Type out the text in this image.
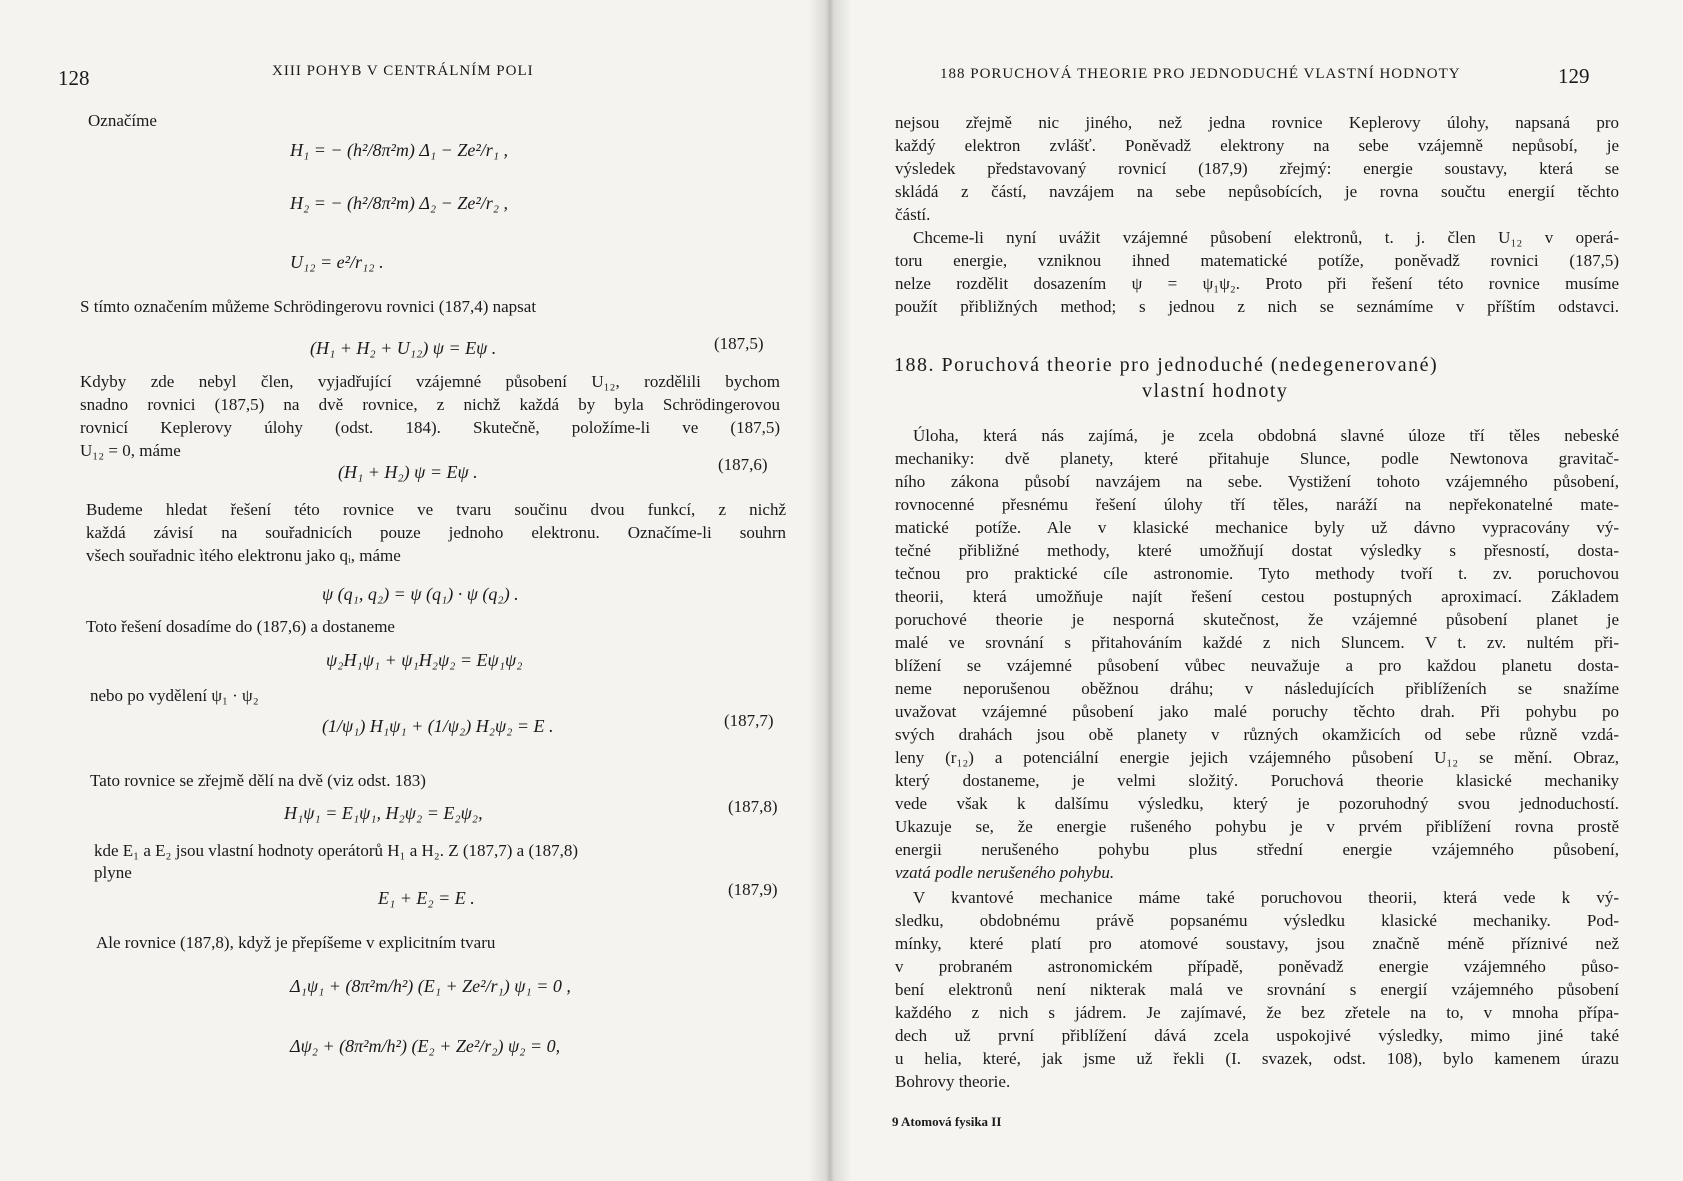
128	XIII POHYB V CENTRÁLNÍM POLI
Označíme
H₁ = − (h²/8π²m) Δ₁ − Ze²/r₁ ,
H₂ = − (h²/8π²m) Δ₂ − Ze²/r₂ ,
U₁₂ = e²/r₁₂ .
S tímto označením můžeme Schrödingerovu rovnici (187,4) napsat
(H₁ + H₂ + U₁₂) ψ = Eψ .	(187,5)
Kdyby zde nebyl člen, vyjadřující vzájemné působení U₁₂, rozdělili bychom
snadno rovnici (187,5) na dvě rovnice, z nichž každá by byla Schrödingerovou
rovnicí Keplerovy úlohy (odst. 184). Skutečně, položíme-li ve (187,5)
U₁₂ = 0, máme
(H₁ + H₂) ψ = Eψ .	(187,6)
Budeme hledat řešení této rovnice ve tvaru součinu dvou funkcí, z nichž
každá závisí na souřadnicích pouze jednoho elektronu. Označíme-li souhrn
všech souřadnic ìtého elektronu jako qᵢ, máme
ψ (q₁, q₂) = ψ (q₁) · ψ (q₂) .
Toto řešení dosadíme do (187,6) a dostaneme
ψ₂H₁ψ₁ + ψ₁H₂ψ₂ = Eψ₁ψ₂
nebo po vydělení ψ₁ · ψ₂
(1/ψ₁) H₁ψ₁ + (1/ψ₂) H₂ψ₂ = E .	(187,7)
Tato rovnice se zřejmě dělí na dvě (viz odst. 183)
H₁ψ₁ = E₁ψ₁, H₂ψ₂ = E₂ψ₂,	(187,8)
kde E₁ a E₂ jsou vlastní hodnoty operátorů H₁ a H₂. Z (187,7) a (187,8)
plyne
E₁ + E₂ = E .	(187,9)
Ale rovnice (187,8), když je přepíšeme v explicitním tvaru
Δ₁ψ₁ + (8π²m/h²) (E₁ + Ze²/r₁) ψ₁ = 0 ,
Δψ₂ + (8π²m/h²) (E₂ + Ze²/r₂) ψ₂ = 0,
188 PORUCHOVÁ THEORIE PRO JEDNODUCHÉ VLASTNÍ HODNOTY	129
nejsou zřejmě nic jiného, než jedna rovnice Keplerovy úlohy, napsaná pro
každý elektron zvlášť. Poněvadž elektrony na sebe vzájemně nepůsobí, je
výsledek představovaný rovnicí (187,9) zřejmý: energie soustavy, která se
skládá z částí, navzájem na sebe nepůsobících, je rovna součtu energií těchto
částí.
Chceme-li nyní uvážit vzájemné působení elektronů, t. j. člen U₁₂ v operá-
toru energie, vzniknou ihned matematické potíže, poněvadž rovnici (187,5)
nelze rozdělit dosazením ψ = ψ₁ψ₂. Proto při řešení této rovnice musíme
použít přibližných method; s jednou z nich se seznámíme v příštím odstavci.
188. Poruchová theorie pro jednoduché (nedegenerované)
vlastní hodnoty
Úloha, která nás zajímá, je zcela obdobná slavné úloze tří těles nebeské
mechaniky: dvě planety, které přitahuje Slunce, podle Newtonova gravitač-
ního zákona působí navzájem na sebe. Vystižení tohoto vzájemného působení,
rovnocenné přesnému řešení úlohy tří těles, naráží na nepřekonatelné mate-
matické potíže. Ale v klasické mechanice byly už dávno vypracovány vý-
tečné přibližné methody, které umožňují dostat výsledky s přesností, dosta-
tečnou pro praktické cíle astronomie. Tyto methody tvoří t. zv. poruchovou
theorii, která umožňuje najít řešení cestou postupných aproximací. Základem
poruchové theorie je nesporná skutečnost, že vzájemné působení planet je
malé ve srovnání s přitahováním každé z nich Sluncem. V t. zv. nultém při-
blížení se vzájemné působení vůbec neuvažuje a pro každou planetu dosta-
neme neporušenou oběžnou dráhu; v následujících přiblíženích se snažíme
uvažovat vzájemné působení jako malé poruchy těchto drah. Při pohybu po
svých drahách jsou obě planety v různých okamžicích od sebe různě vzdá-
leny (r₁₂) a potenciální energie jejich vzájemného působení U₁₂ se mění. Obraz,
který dostaneme, je velmi složitý. Poruchová theorie klasické mechaniky
vede však k dalšímu výsledku, který je pozoruhodný svou jednoduchostí.
Ukazuje se, že energie rušeného pohybu je v prvém přiblížení rovna prostě
energii nerušeného pohybu plus střední energie vzájemného působení,
vzatá podle nerušeného pohybu.
V kvantové mechanice máme také poruchovou theorii, která vede k vý-
sledku, obdobnému právě popsanému výsledku klasické mechaniky. Pod-
mínky, které platí pro atomové soustavy, jsou značně méně příznivé než
v probraném astronomickém případě, poněvadž energie vzájemného půso-
bení elektronů není nikterak malá ve srovnání s energií vzájemného působení
každého z nich s jádrem. Je zajímavé, že bez zřetele na to, v mnoha přípa-
dech už první přiblížení dává zcela uspokojivé výsledky, mimo jiné také
u helia, které, jak jsme už řekli (I. svazek, odst. 108), bylo kamenem úrazu
Bohrovy theorie.
9 Atomová fysika II
